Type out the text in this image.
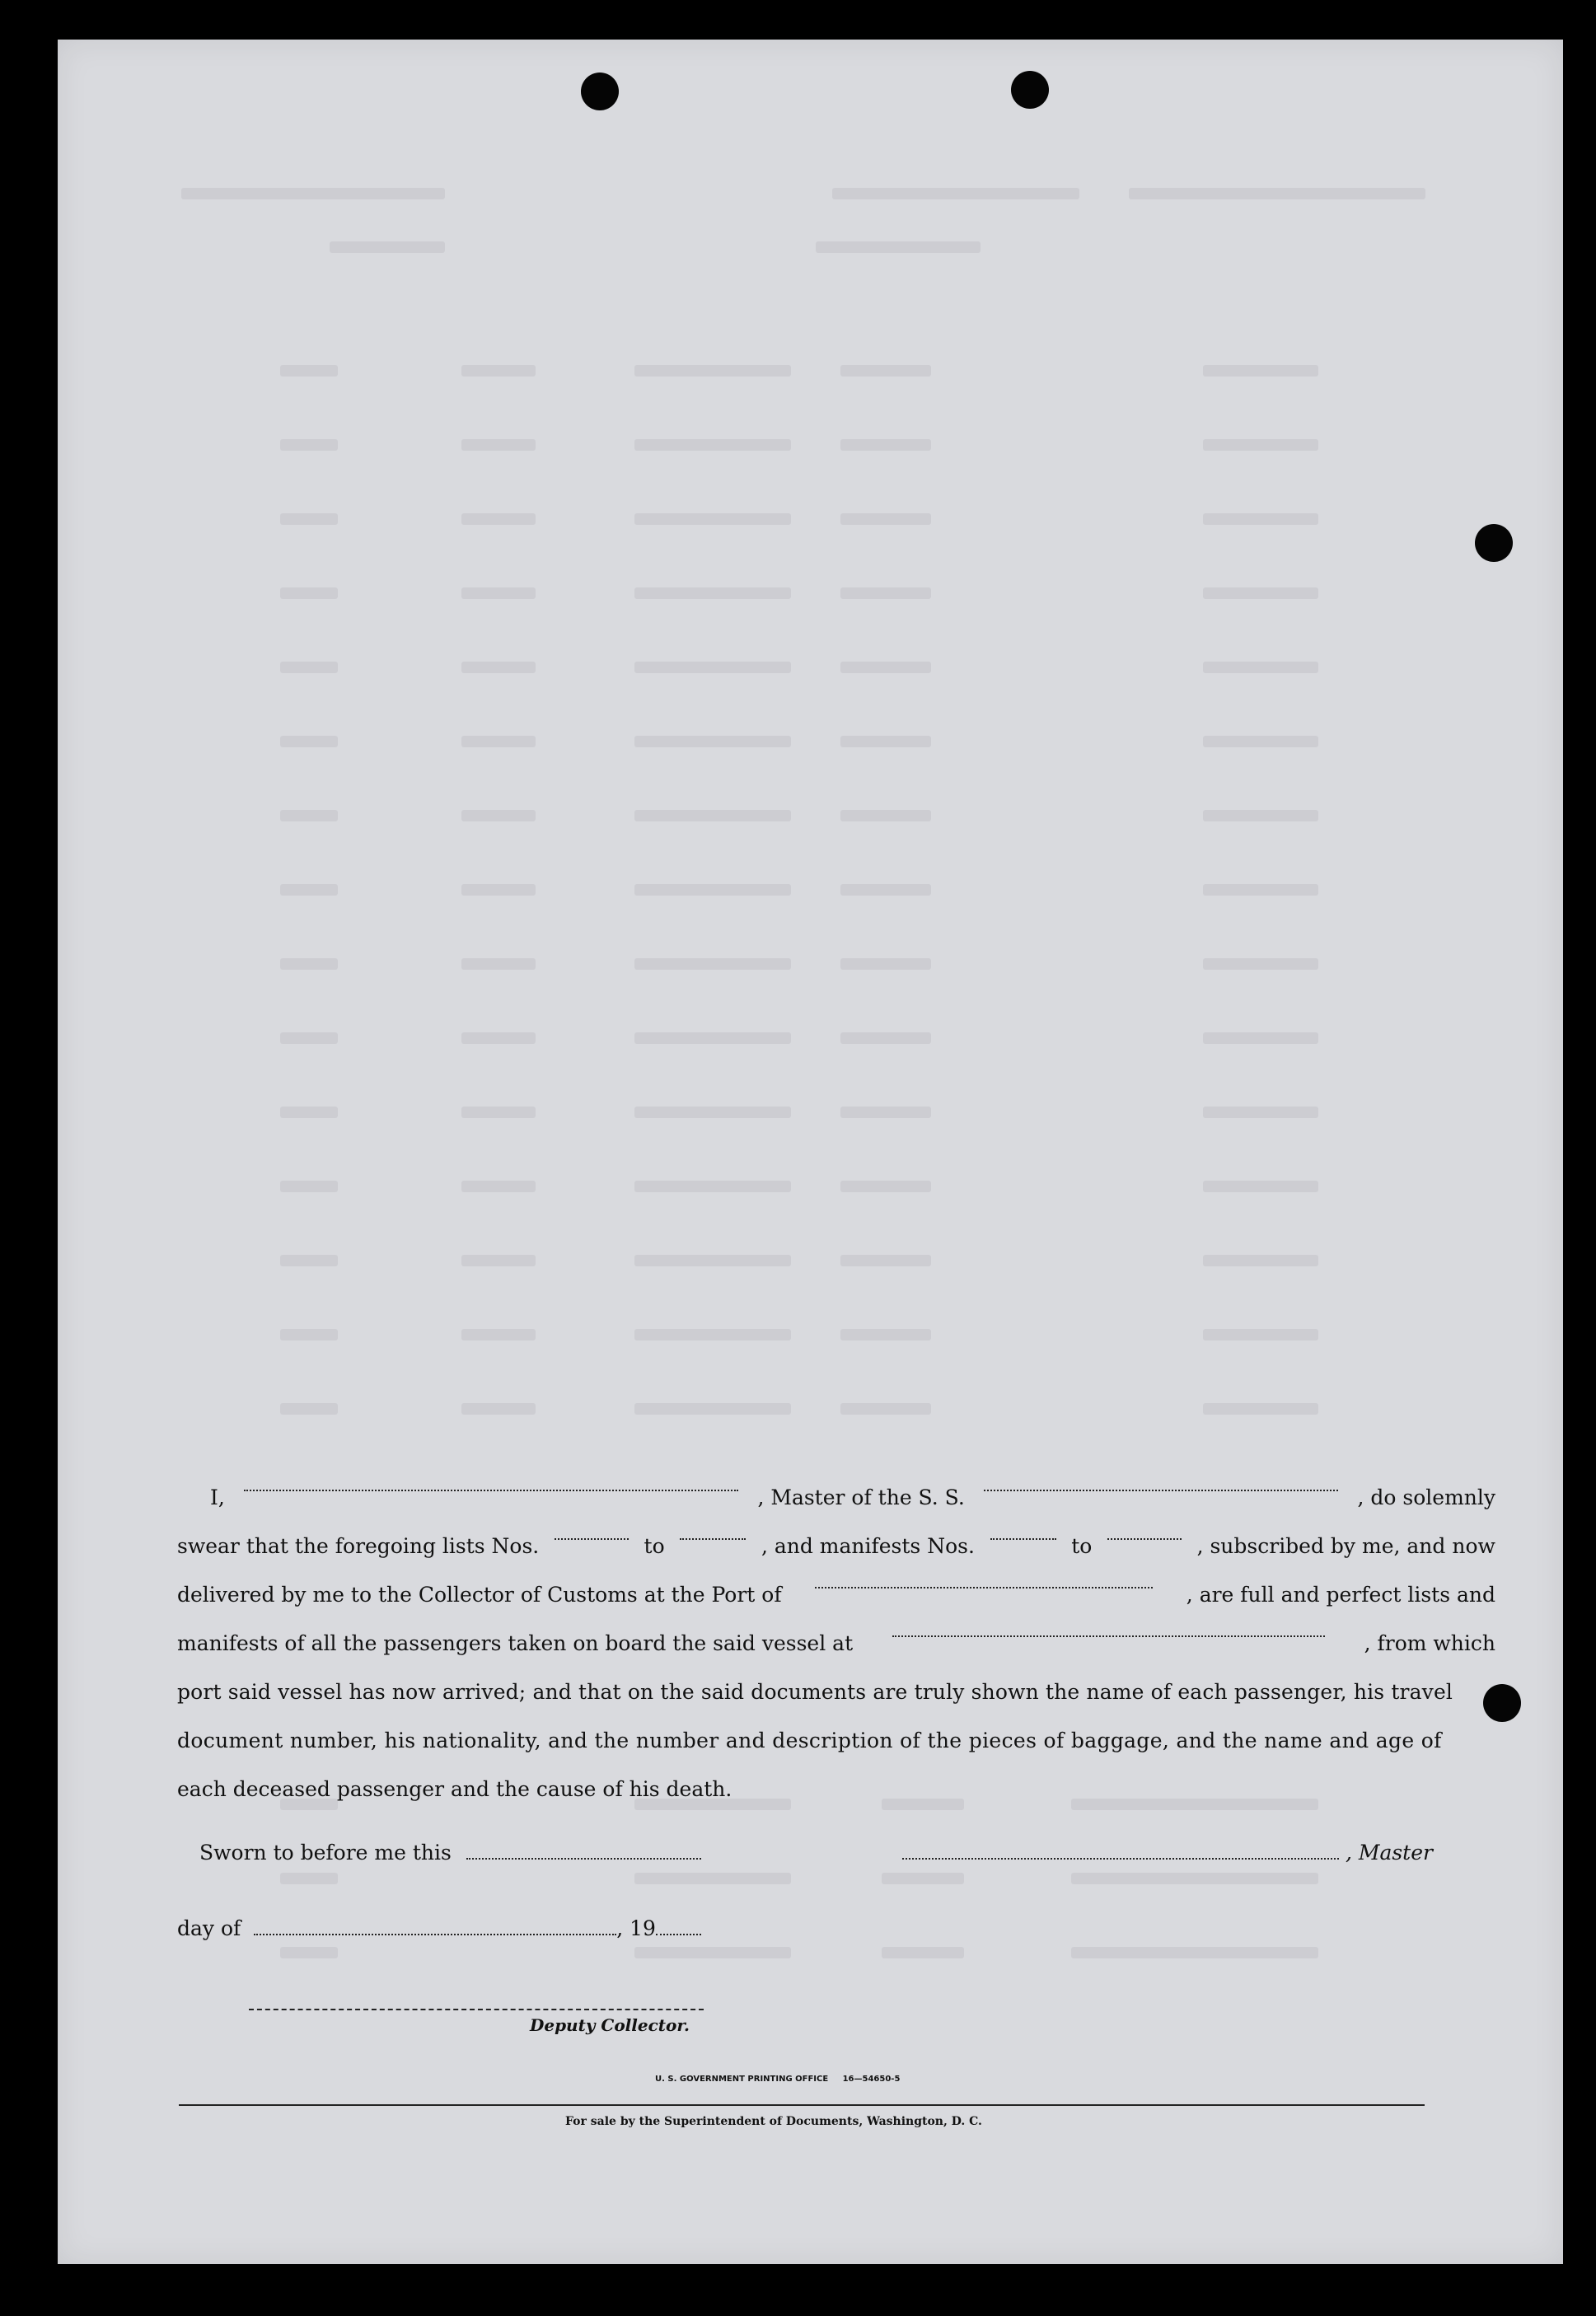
I,	, Master of the S. S.	, do solemnly
swear that the foregoing lists Nos.	to	, and manifests Nos.	to	, subscribed by me, and now
delivered by me to the Collector of Customs at the Port of	, are full and perfect lists and
manifests of all the passengers taken on board the said vessel at	, from which
port said vessel has now arrived; and that on the said documents are truly shown the name of each passenger, his travel
document number, his nationality, and the number and description of the pieces of baggage, and the name and age of
each deceased passenger and the cause of his death.
Sworn to before me this	, Master
day of	, 19
Deputy Collector.
U. S. GOVERNMENT PRINTING OFFICE     16—54650-5
For sale by the Superintendent of Documents, Washington, D. C.
